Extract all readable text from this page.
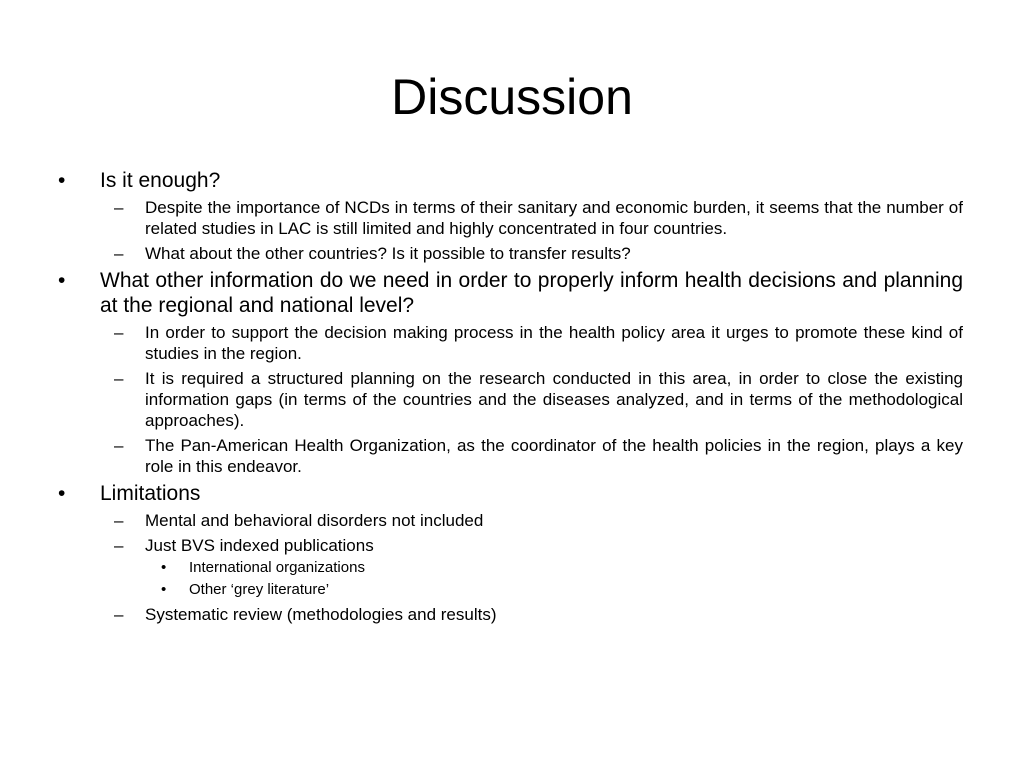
Discussion
•	Is it enough?
– Despite the importance of NCDs in terms of their sanitary and economic burden, it seems that the number of related studies in LAC is still limited and highly concentrated in four countries.
– What about the other countries? Is it possible to transfer results?
•	What other information do we need in order to properly inform health decisions and planning at the regional and national level?
– In order to support the decision making process in the health policy area it urges to promote these kind of studies in the region.
– It is required a structured planning on the research conducted in this area, in order to close the existing information gaps (in terms of the countries and the diseases analyzed, and in terms of the methodological approaches).
– The Pan-American Health Organization, as the coordinator of the health policies in the region, plays a key role in this endeavor.
•	Limitations
– Mental and behavioral disorders not included
– Just BVS indexed publications
• International organizations
• Other ‘grey literature’
– Systematic review (methodologies and results)
